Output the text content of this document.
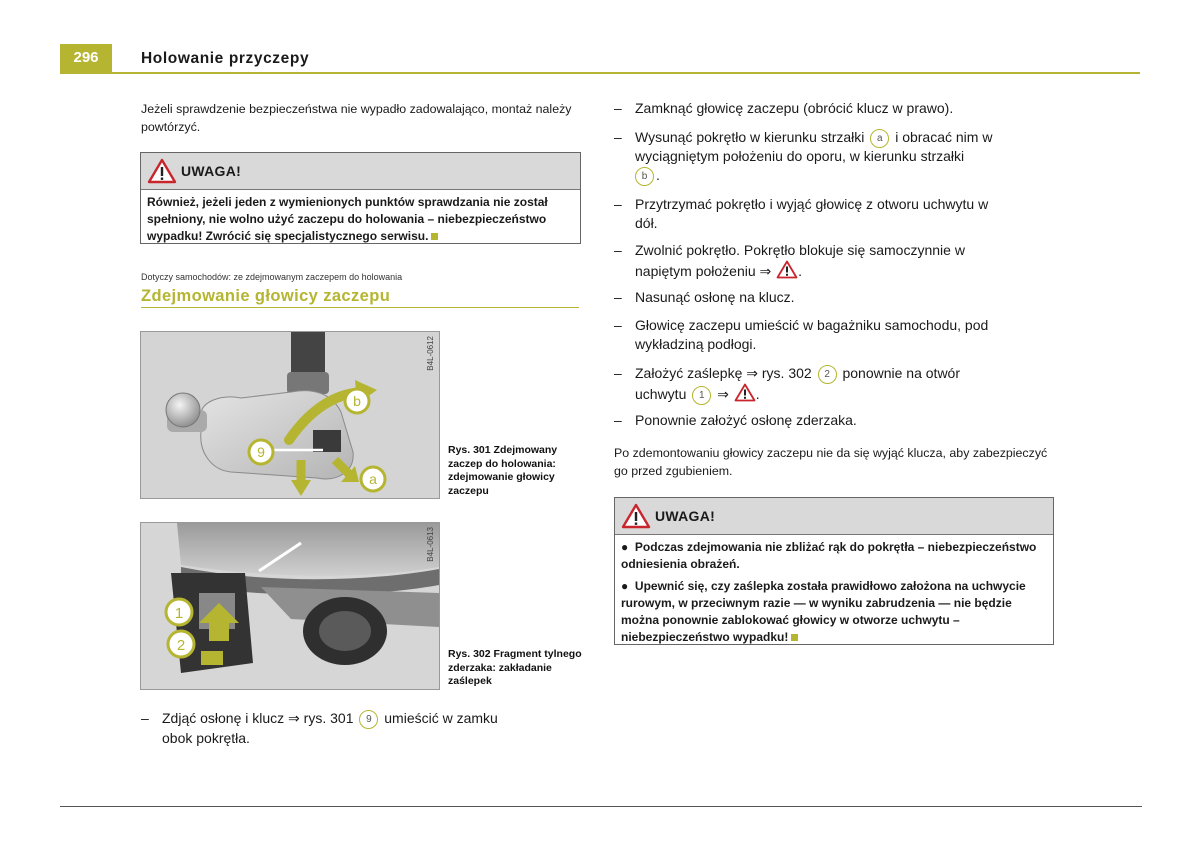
296	Holowanie przyczepy
Jeżeli sprawdzenie bezpieczeństwa nie wypadło zadowalająco, montaż należy powtórzyć.
UWAGA!

Również, jeżeli jeden z wymienionych punktów sprawdzania nie został spełniony, nie wolno użyć zaczepu do holowania – niebezpieczeństwo wypadku! Zwrócić się specjalistycznego serwisu.

Dotyczy samochodów: ze zdejmowanym zaczepem do holowania
Zdejmowanie głowicy zaczepu
b
9
a
B4L-0612
Rys. 301 Zdejmowany zaczep do holowania: zdejmowanie głowicy zaczepu
1
2
B4L-0613
Rys. 302 Fragment tylnego zderzaka: zakładanie zaślepek
– Zdjąć osłonę i klucz ⇒ rys. 301 9 umieścić w zamku
obok pokrętła.
– Zamknąć głowicę zaczepu (obrócić klucz w prawo).
– Wysunąć pokrętło w kierunku strzałki a i obracać nim w
wyciągniętym położeniu do oporu, w kierunku strzałki
b .
– Przytrzymać pokrętło i wyjąć głowicę z otworu uchwytu w
dół.
– Zwolnić pokrętło. Pokrętło blokuje się samoczynnie w
napiętym położeniu ⇒ .
– Nasunąć osłonę na klucz.
– Głowicę zaczepu umieścić w bagażniku samochodu, pod
wykładziną podłogi.
– Założyć zaślepkę ⇒ rys. 302 2 ponownie na otwór
uchwytu 1 ⇒ .
– Ponownie założyć osłonę zderzaka.
Po zdemontowaniu głowicy zaczepu nie da się wyjąć klucza, aby zabezpieczyć go przed zgubieniem.
UWAGA!

● Podczas zdejmowania nie zbliżać rąk do pokrętła – niebezpieczeństwo odniesienia obrażeń.

● Upewnić się, czy zaślepka została prawidłowo założona na uchwycie rurowym, w przeciwnym razie — w wyniku zabrudzenia — nie będzie można ponownie zablokować głowicy w otworze uchwytu – niebezpieczeństwo wypadku!
